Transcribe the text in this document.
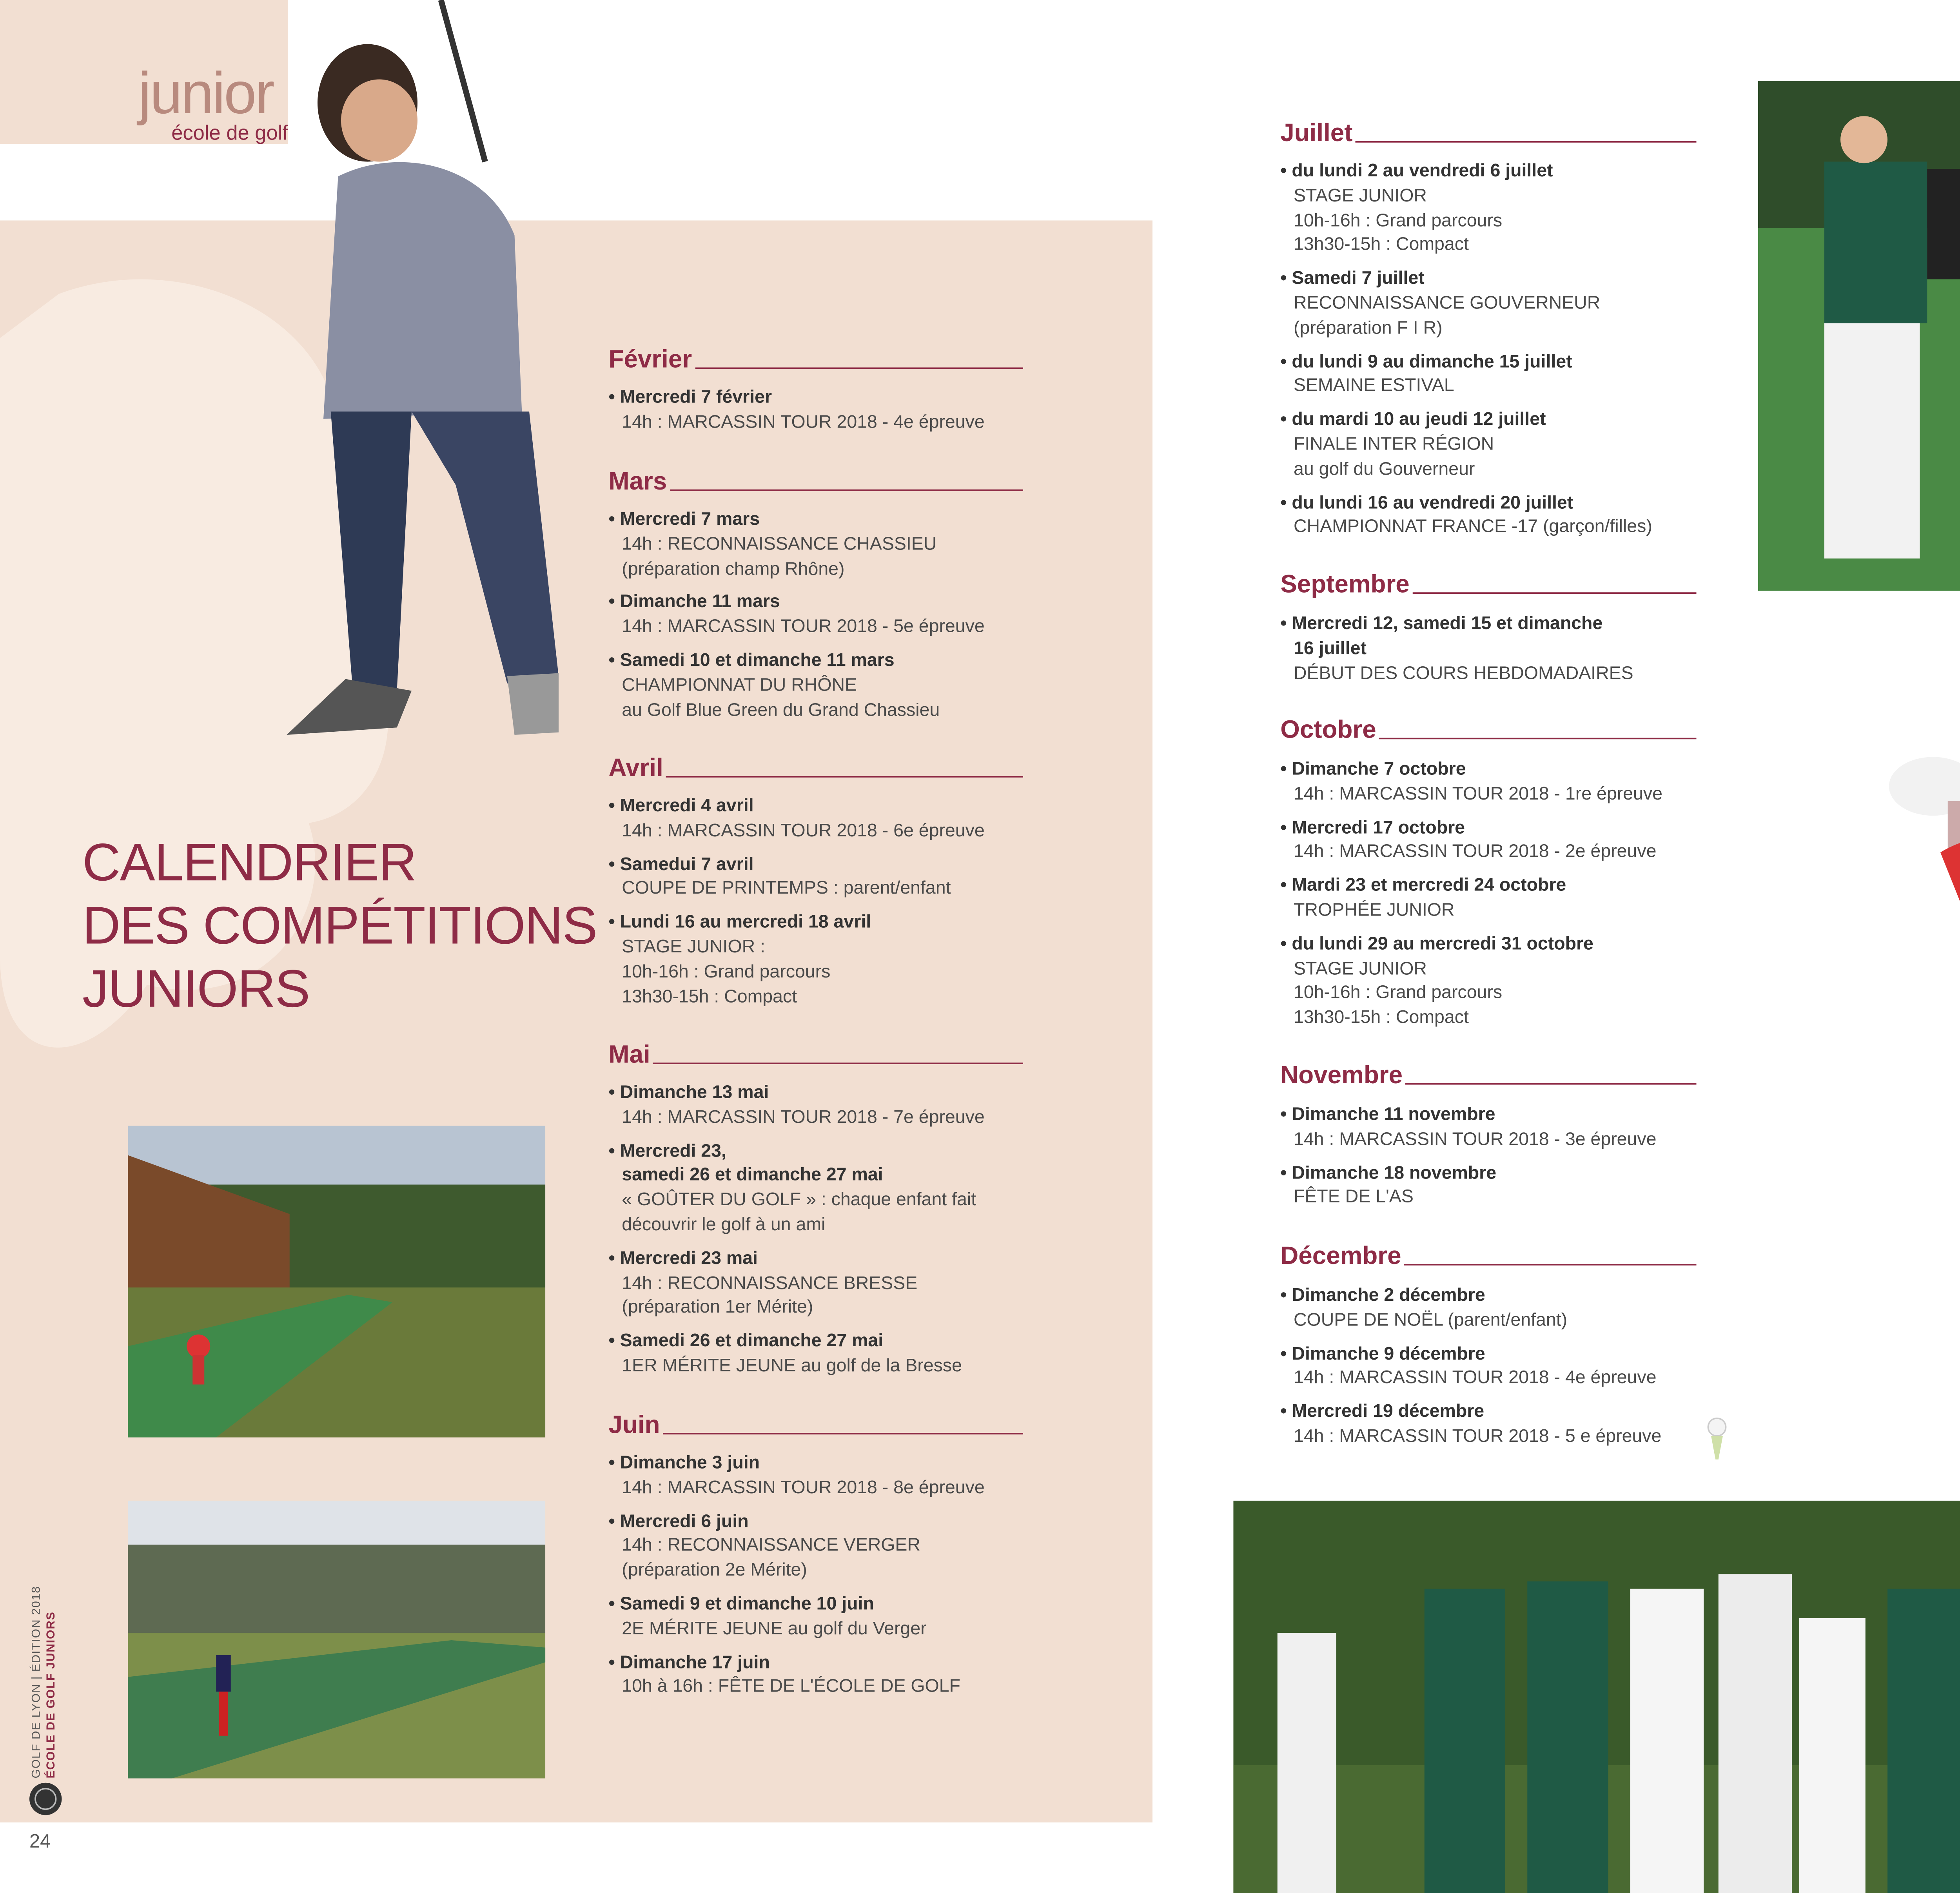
junior
école de golf
CALENDRIER
DES COMPÉTITIONS
JUNIORS
Février
• Mercredi 7 février
14h : MARCASSIN TOUR 2018 - 4e épreuve
Mars
• Mercredi 7 mars
14h : RECONNAISSANCE CHASSIEU
(préparation champ Rhône)
• Dimanche 11 mars
14h : MARCASSIN TOUR 2018 - 5e épreuve
• Samedi 10 et dimanche 11 mars
CHAMPIONNAT DU RHÔNE
au Golf Blue Green du Grand Chassieu
Avril
• Mercredi 4 avril
14h : MARCASSIN TOUR 2018 - 6e épreuve
• Samedui 7 avril
COUPE DE PRINTEMPS : parent/enfant
• Lundi 16 au mercredi 18 avril
STAGE JUNIOR :
10h-16h : Grand parcours
13h30-15h : Compact
Mai
• Dimanche 13 mai
14h : MARCASSIN TOUR 2018 - 7e épreuve
• Mercredi 23,
samedi 26 et dimanche 27 mai
« GOÛTER DU GOLF » : chaque enfant fait
découvrir le golf à un ami
• Mercredi 23 mai
14h : RECONNAISSANCE BRESSE
(préparation 1er Mérite)
• Samedi 26 et dimanche 27 mai
1ER MÉRITE JEUNE au golf de la Bresse
Juin
• Dimanche 3 juin
14h : MARCASSIN TOUR 2018 - 8e épreuve
• Mercredi 6 juin
14h : RECONNAISSANCE VERGER
(préparation 2e Mérite)
• Samedi 9 et dimanche 10 juin
2E MÉRITE JEUNE au golf du Verger
• Dimanche 17 juin
10h à 16h : FÊTE DE L'ÉCOLE DE GOLF
GOLF DE LYON | ÉDITION 2018 ÉCOLE DE GOLF JUNIORS
24
Juillet
• du lundi 2 au vendredi 6 juillet
STAGE JUNIOR
10h-16h : Grand parcours
13h30-15h : Compact
• Samedi 7 juillet
RECONNAISSANCE GOUVERNEUR
(préparation F I R)
• du lundi 9 au dimanche 15 juillet
SEMAINE ESTIVAL
• du mardi 10 au jeudi 12 juillet
FINALE INTER RÉGION
au golf du Gouverneur
• du lundi 16 au vendredi 20 juillet
CHAMPIONNAT FRANCE -17 (garçon/filles)
Septembre
• Mercredi 12, samedi 15 et dimanche
16 juillet
DÉBUT DES COURS HEBDOMADAIRES
Octobre
• Dimanche 7 octobre
14h : MARCASSIN TOUR 2018 - 1re épreuve
• Mercredi 17 octobre
14h : MARCASSIN TOUR 2018 - 2e épreuve
• Mardi 23 et mercredi 24 octobre
TROPHÉE JUNIOR
• du lundi 29 au mercredi 31 octobre
STAGE JUNIOR
10h-16h : Grand parcours
13h30-15h : Compact
Novembre
• Dimanche 11 novembre
14h : MARCASSIN TOUR 2018 - 3e épreuve
• Dimanche 18 novembre
FÊTE DE L'AS
Décembre
• Dimanche 2 décembre
COUPE DE NOËL (parent/enfant)
• Dimanche 9 décembre
14h : MARCASSIN TOUR 2018 - 4e épreuve
• Mercredi 19 décembre
14h : MARCASSIN TOUR 2018 - 5 e épreuve
